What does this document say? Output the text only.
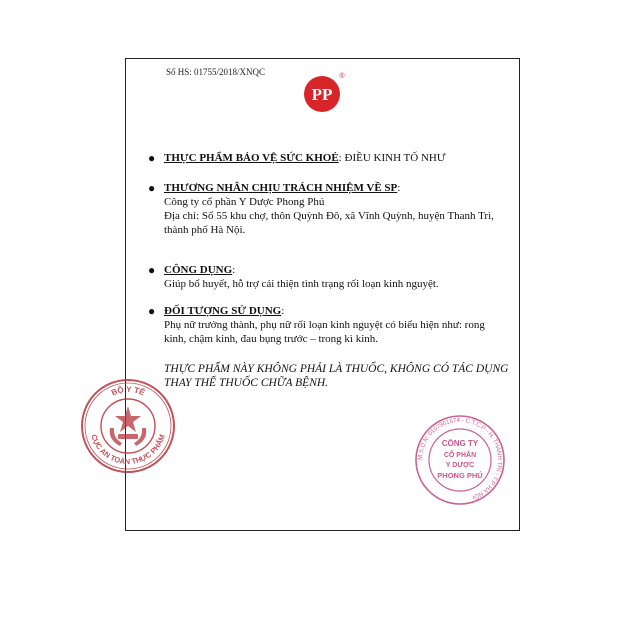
Số HS: 01755/2018/XNQC
PP
®
● THỰC PHẨM BẢO VỆ SỨC KHOẺ: ĐIỀU KINH TỐ NHƯ
● THƯƠNG NHÂN CHỊU TRÁCH NHIỆM VỀ SP:
Công ty cổ phần Y Dược Phong Phú
Địa chỉ: Số 55 khu chợ, thôn Quỳnh Đô, xã Vĩnh Quỳnh, huyện Thanh Trì, thành phố Hà Nội.
● CÔNG DỤNG:
Giúp bổ huyết, hỗ trợ cải thiện tình trạng rối loạn kinh nguyệt.
● ĐỐI TƯỢNG SỬ DỤNG:
Phụ nữ trưởng thành, phụ nữ rối loạn kinh nguyệt có biểu hiện như: rong kinh, chậm kinh, đau bụng trước – trong kì kinh.
THỰC PHẨM NÀY KHÔNG PHẢI LÀ THUỐC, KHÔNG CÓ TÁC DỤNG THAY THẾ THUỐC CHỮA BỆNH.
BỘ Y TẾ
CỤC AN TOÀN THỰC PHẨM
M.S.D.N: 0107901674 - C.T.C.P - H. THANH TRÌ - T.P HÀ NỘI
CÔNG TY
CỔ PHẦN
Y DƯỢC
PHONG PHÚ
